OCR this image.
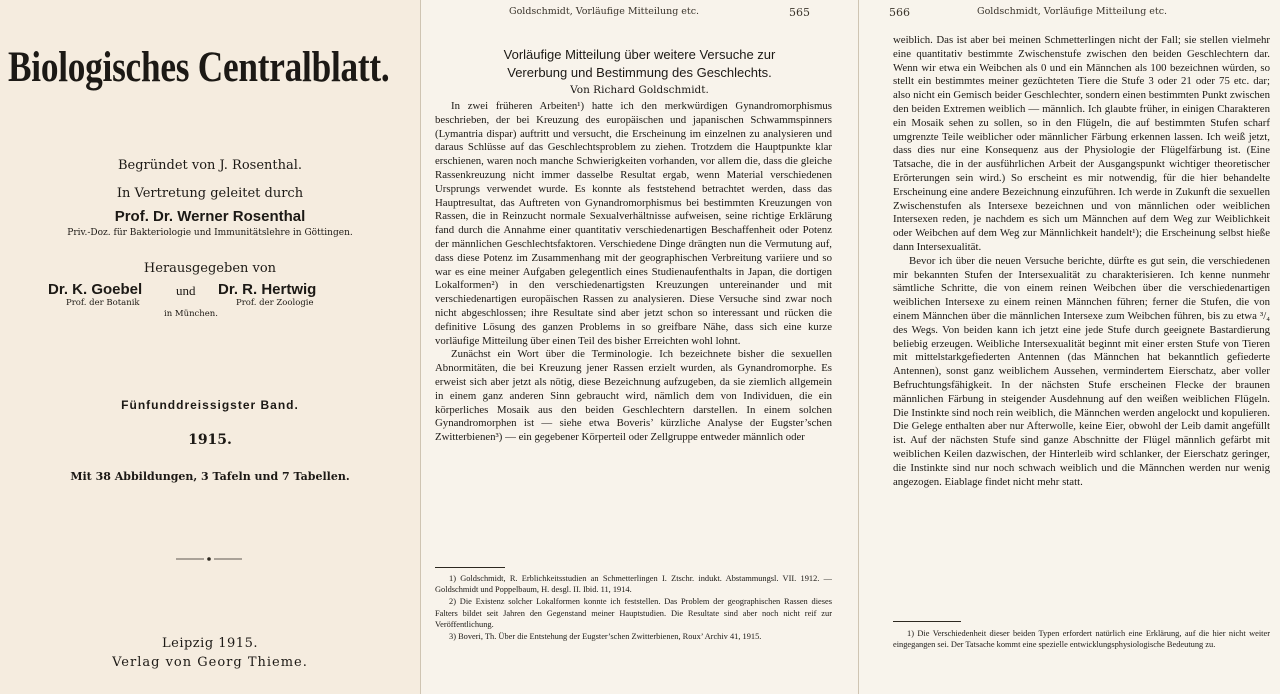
Biologisches Centralblatt.
Begründet von J. Rosenthal.
In Vertretung geleitet durch
Prof. Dr. Werner Rosenthal
Priv.-Doz. für Bakteriologie und Immunitätslehre in Göttingen.
Herausgegeben von
Dr. K. Goebel	und Dr. R. Hertwig
Prof. der Botanik	Prof. der Zoologie
in München.
Fünfunddreissigster Band.
1915.
Mit 38 Abbildungen, 3 Tafeln und 7 Tabellen.
Leipzig 1915.
Verlag von Georg Thieme.
Goldschmidt, Vorläufige Mitteilung etc.	565
Vorläufige Mitteilung über weitere Versuche zur
Vererbung und Bestimmung des Geschlechts.
Von Richard Goldschmidt.

In zwei früheren Arbeiten¹) hatte ich den merkwürdigen Gynandromorphismus beschrieben, der bei Kreuzung des europäischen und japanischen Schwammspinners (Lymantria dispar) auftritt und versucht, die Erscheinung im einzelnen zu analysieren und daraus Schlüsse auf das Geschlechtsproblem zu ziehen. Trotzdem die Hauptpunkte klar erschienen, waren noch manche Schwierigkeiten vorhanden, vor allem die, dass die gleiche Rassenkreuzung nicht immer dasselbe Resultat ergab, wenn Material verschiedenen Ursprungs verwendet wurde. Es konnte als feststehend betrachtet werden, dass das Hauptresultat, das Auftreten von Gynandromorphismus bei bestimmten Kreuzungen von Rassen, die in Reinzucht normale Sexualverhältnisse aufweisen, seine richtige Erklärung fand durch die Annahme einer quantitativ verschiedenartigen Beschaffenheit oder Potenz der männlichen Geschlechtsfaktoren. Verschiedene Dinge drängten nun die Vermutung auf, dass diese Potenz im Zusammenhang mit der geographischen Verbreitung variiere und so war es eine meiner Aufgaben gelegentlich eines Studienaufenthalts in Japan, die dortigen Lokalformen²) in den verschiedenartigsten Kreuzungen untereinander und mit verschiedenartigen europäischen Rassen zu analysieren. Diese Versuche sind zwar noch nicht abgeschlossen; ihre Resultate sind aber jetzt schon so interessant und rücken die definitive Lösung des ganzen Problems in so greifbare Nähe, dass sich eine kurze vorläufige Mitteilung über einen Teil des bisher Erreichten wohl lohnt.

Zunächst ein Wort über die Terminologie. Ich bezeichnete bisher die sexuellen Abnormitäten, die bei Kreuzung jener Rassen erzielt wurden, als Gynandromorphe. Es erweist sich aber jetzt als nötig, diese Bezeichnung aufzugeben, da sie ziemlich allgemein in einem ganz anderen Sinn gebraucht wird, nämlich dem von Individuen, die ein körperliches Mosaik aus den beiden Geschlechtern darstellen. In einem solchen Gynandromorphen ist — siehe etwa Boveris’ kürzliche Analyse der Eugster’schen Zwitterbienen³) — ein gegebener Körperteil oder Zellgruppe entweder männlich oder

1) Goldschmidt, R. Erblichkeitsstudien an Schmetterlingen I. Ztschr. indukt. Abstammungsl. VII. 1912. — Goldschmidt und Poppelbaum, H. desgl. II. Ibid. 11, 1914.

2) Die Existenz solcher Lokalformen konnte ich feststellen. Das Problem der geographischen Rassen dieses Falters bildet seit Jahren den Gegenstand meiner Hauptstudien. Die Resultate sind aber noch nicht reif zur Veröffentlichung.

3) Boveri, Th. Über die Entstehung der Eugster’schen Zwitterbienen, Roux’ Archiv 41, 1915.

566	Goldschmidt, Vorläufige Mitteilung etc.

weiblich. Das ist aber bei meinen Schmetterlingen nicht der Fall; sie stellen vielmehr eine quantitativ bestimmte Zwischenstufe zwischen den beiden Geschlechtern dar. Wenn wir etwa ein Weibchen als 0 und ein Männchen als 100 bezeichnen würden, so stellt ein bestimmtes meiner gezüchteten Tiere die Stufe 3 oder 21 oder 75 etc. dar; also nicht ein Gemisch beider Geschlechter, sondern einen bestimmten Punkt zwischen den beiden Extremen weiblich — männlich. Ich glaubte früher, in einigen Charakteren ein Mosaik sehen zu sollen, so in den Flügeln, die auf bestimmten Stufen scharf umgrenzte Teile weiblicher oder männlicher Färbung erkennen lassen. Ich weiß jetzt, dass dies nur eine Konsequenz aus der Physiologie der Flügelfärbung ist. (Eine Tatsache, die in der ausführlichen Arbeit der Ausgangspunkt wichtiger theoretischer Erörterungen sein wird.) So erscheint es mir notwendig, für die hier behandelte Erscheinung eine andere Bezeichnung einzuführen. Ich werde in Zukunft die sexuellen Zwischenstufen als Intersexe bezeichnen und von männlichen oder weiblichen Intersexen reden, je nachdem es sich um Männchen auf dem Weg zur Weiblichkeit oder Weibchen auf dem Weg zur Männlichkeit handelt¹); die Erscheinung selbst hieße dann Intersexualität.

Bevor ich über die neuen Versuche berichte, dürfte es gut sein, die verschiedenen mir bekannten Stufen der Intersexualität zu charakterisieren. Ich kenne nunmehr sämtliche Schritte, die von einem reinen Weibchen über die verschiedenartigen weiblichen Intersexe zu einem reinen Männchen führen; ferner die Stufen, die von einem Männchen über die männlichen Intersexe zum Weibchen führen, bis zu etwa ³/₄ des Wegs. Von beiden kann ich jetzt eine jede Stufe durch geeignete Bastardierung beliebig erzeugen. Weibliche Intersexualität beginnt mit einer ersten Stufe von Tieren mit mittelstarkgefiederten Antennen (das Männchen hat bekanntlich gefiederte Antennen), sonst ganz weiblichem Aussehen, vermindertem Eierschatz, aber voller Befruchtungsfähigkeit. In der nächsten Stufe erscheinen Flecke der braunen männlichen Färbung in steigender Ausdehnung auf den weißen weiblichen Flügeln. Die Instinkte sind noch rein weiblich, die Männchen werden angelockt und kopulieren. Die Gelege enthalten aber nur Afterwolle, keine Eier, obwohl der Leib damit angefüllt ist. Auf der nächsten Stufe sind ganze Abschnitte der Flügel männlich gefärbt mit weiblichen Keilen dazwischen, der Hinterleib wird schlanker, der Eierschatz geringer, die Instinkte sind nur noch schwach weiblich und die Männchen werden nur wenig angezogen. Eiablage findet nicht mehr statt.

1) Die Verschiedenheit dieser beiden Typen erfordert natürlich eine Erklärung, auf die hier nicht weiter eingegangen sei. Der Tatsache kommt eine spezielle entwicklungsphysiologische Bedeutung zu.
